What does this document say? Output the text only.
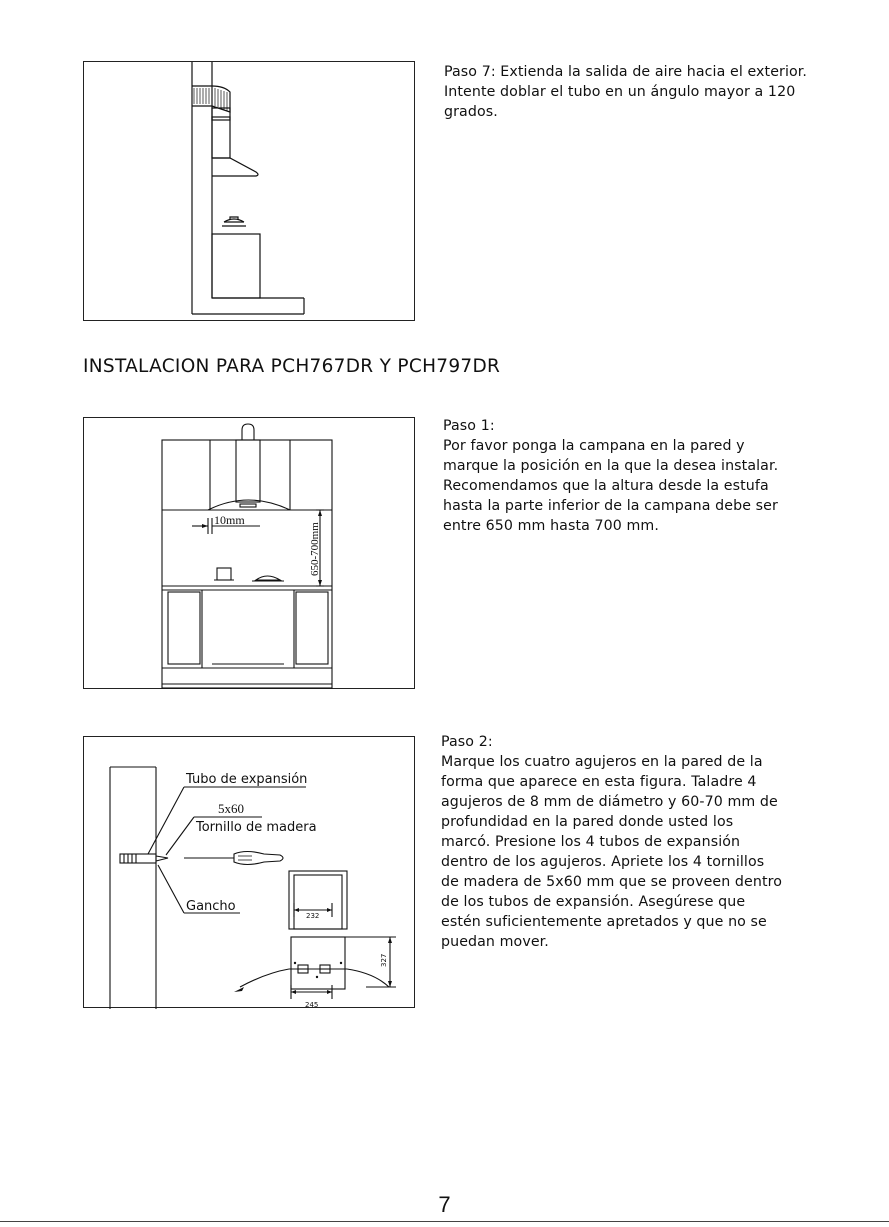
Paso 7: Extienda la salida de aire hacia el exterior.

Intente doblar el tubo en un ángulo mayor a 120

grados.

INSTALACION PARA PCH767DR Y PCH797DR
10mm
650-700mm

Paso 1:

Por favor ponga la campana en la pared y

marque la posición en la que la desea instalar.

Recomendamos que la altura desde la estufa

hasta la parte inferior de la campana debe ser

entre 650 mm hasta 700 mm.

Tubo de expansión
5x60
Tornillo de madera
Gancho
232
327
245

Paso 2:

Marque los cuatro agujeros en la pared de la

forma que aparece en esta figura. Taladre 4

agujeros de 8 mm de diámetro y 60-70 mm de

profundidad en la pared donde usted los

marcó. Presione los 4 tubos de expansión

dentro de los agujeros. Apriete los 4 tornillos

de madera de 5x60 mm que se proveen dentro

de los tubos de expansión. Asegúrese que

estén suficientemente apretados y que no se

puedan mover.

7
